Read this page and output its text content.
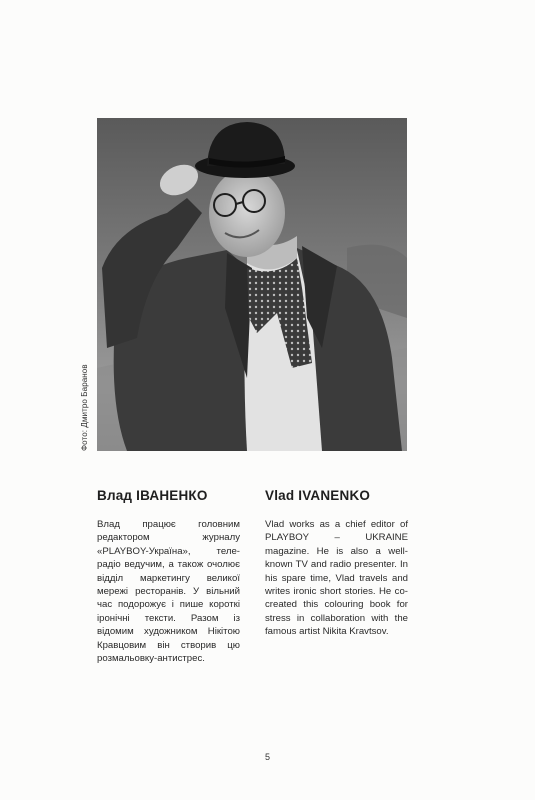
Фото: Дмитро Баранов
Влад ІВАНЕНКО	Vlad IVANENKO
Влад працює головним редактором журналу «PLAYBOY-Україна», теле-радіо ведучим, а також очолює відділ маркетингу великої мережі ресторанів. У вільний час подорожує і пише короткі іронічні тексти. Разом із відомим художником Нікітою Кравцовим він створив цю розмальовку-антистрес.
Vlad works as a chief editor of PLAYBOY – UKRAINE magazine. He is also a well-known TV and radio presenter. In his spare time, Vlad travels and writes ironic short stories. He co-created this colouring book for stress in collaboration with the famous artist Nikita Kravtsov.
5
